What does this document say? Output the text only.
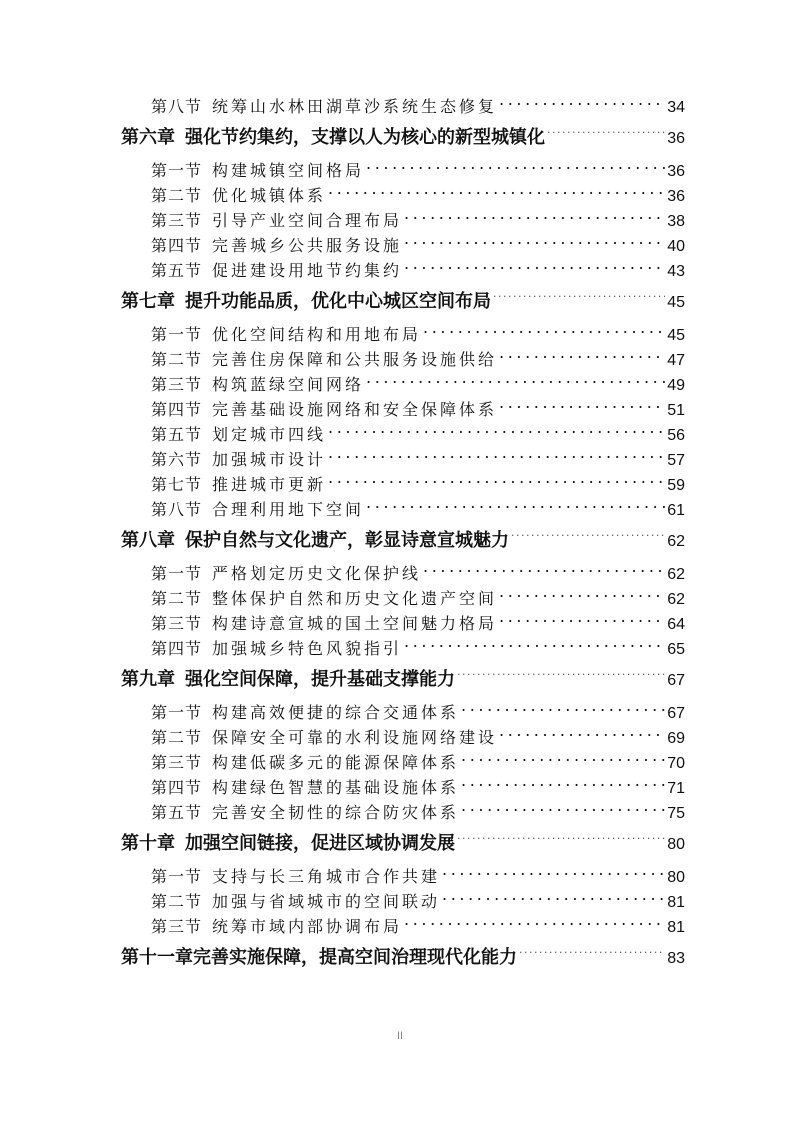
第八节 统筹山水林田湖草沙系统生态修复 .....	34
第六章 强化节约集约，支撑以人为核心的新型城镇化 .....	36
第一节 构建城镇空间格局 .....	36
第二节 优化城镇体系 .....	36
第三节 引导产业空间合理布局 .....	38
第四节 完善城乡公共服务设施 .....	40
第五节 促进建设用地节约集约 .....	43
第七章 提升功能品质，优化中心城区空间布局 .....	45
第一节 优化空间结构和用地布局 .....	45
第二节 完善住房保障和公共服务设施供给 .....	47
第三节 构筑蓝绿空间网络 .....	49
第四节 完善基础设施网络和安全保障体系 .....	51
第五节 划定城市四线 .....	56
第六节 加强城市设计 .....	57
第七节 推进城市更新 .....	59
第八节 合理利用地下空间 .....	61
第八章 保护自然与文化遗产，彰显诗意宣城魅力 .....	62
第一节 严格划定历史文化保护线 .....	62
第二节 整体保护自然和历史文化遗产空间 .....	62
第三节 构建诗意宣城的国土空间魅力格局 .....	64
第四节 加强城乡特色风貌指引 .....	65
第九章 强化空间保障，提升基础支撑能力 .....	67
第一节 构建高效便捷的综合交通体系 .....	67
第二节 保障安全可靠的水利设施网络建设 .....	69
第三节 构建低碳多元的能源保障体系 .....	70
第四节 构建绿色智慧的基础设施体系 .....	71
第五节 完善安全韧性的综合防灾体系 .....	75
第十章 加强空间链接，促进区域协调发展 .....	80
第一节 支持与长三角城市合作共建 .....	80
第二节 加强与省域城市的空间联动 .....	81
第三节 统筹市域内部协调布局 .....	81
第十一章 完善实施保障，提高空间治理现代化能力 .....	83
II
